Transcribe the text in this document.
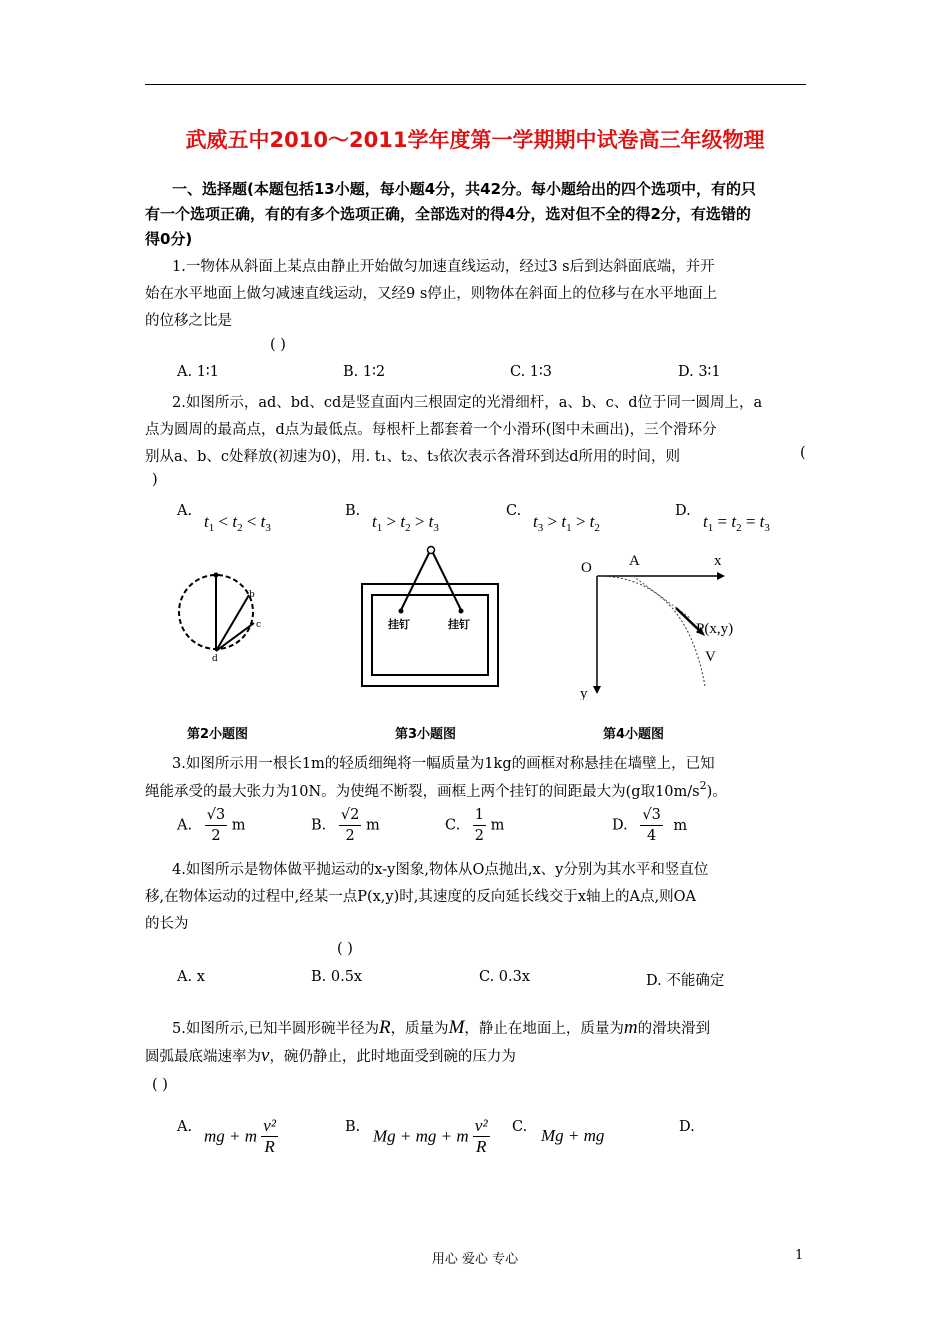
武威五中2010～2011学年度第一学期期中试卷高三年级物理
一、选择题(本题包括13小题，每小题4分，共42分。每小题给出的四个选项中，有的只
有一个选项正确，有的有多个选项正确，全部选对的得4分，选对但不全的得2分，有选错的
得0分)
1.一物体从斜面上某点由静止开始做匀加速直线运动，经过3 s后到达斜面底端，并开
始在水平地面上做匀减速直线运动，又经9 s停止，则物体在斜面上的位移与在水平地面上
的位移之比是
( )
A. 1∶1	B. 1∶2	C. 1∶3	D. 3∶1
2.如图所示，ad、bd、cd是竖直面内三根固定的光滑细杆，a、b、c、d位于同一圆周上，a
点为圆周的最高点，d点为最低点。每根杆上都套着一个小滑环(图中未画出)，三个滑环分
别从a、b、c处释放(初速为0)，用. t₁、t₂、t₃依次表示各滑环到达d所用的时间，则	(
)
A.
$t_1 < t_2 < t_3$
B.
$t_1 > t_2 > t_3$
C.
$t_3 > t_1 > t_2$
D.
$t_1 = t_2 = t_3$
b
c
d
挂钉	挂钉
O A	x
P(x,y)
V
y
第2小题图	第3小题图	第4小题图
3.如图所示用一根长1m的轻质细绳将一幅质量为1kg的画框对称悬挂在墙壁上，已知
绳能承受的最大张力为10N。为使绳不断裂，画框上两个挂钉的间距最大为(g取$10m/s^2$)。
A. $\frac{√3}{2}$ m	B. $\frac{√2}{2}$ m	C. $\frac{1}{2}$ m	D. $\frac{√3}{4}$ m
4.如图所示是物体做平抛运动的x-y图象,物体从O点抛出,x、y分别为其水平和竖直位
移,在物体运动的过程中,经某一点P(x,y)时,其速度的反向延长线交于x轴上的A点,则OA
的长为
( )
A. x	B. 0.5x	C. 0.3x	D. 不能确定
5.如图所示,已知半圆形碗半径为R，质量为M，静止在地面上，质量为m的滑块滑到
圆弧最底端速率为v，碗仍静止，此时地面受到碗的压力为
( )
A. mg + m $\frac{\text{v²}}{R}$	B. Mg + mg + m $\frac{\text{v²}}{R} C$. Mg + mg	D.
用心 爱心 专心	1
